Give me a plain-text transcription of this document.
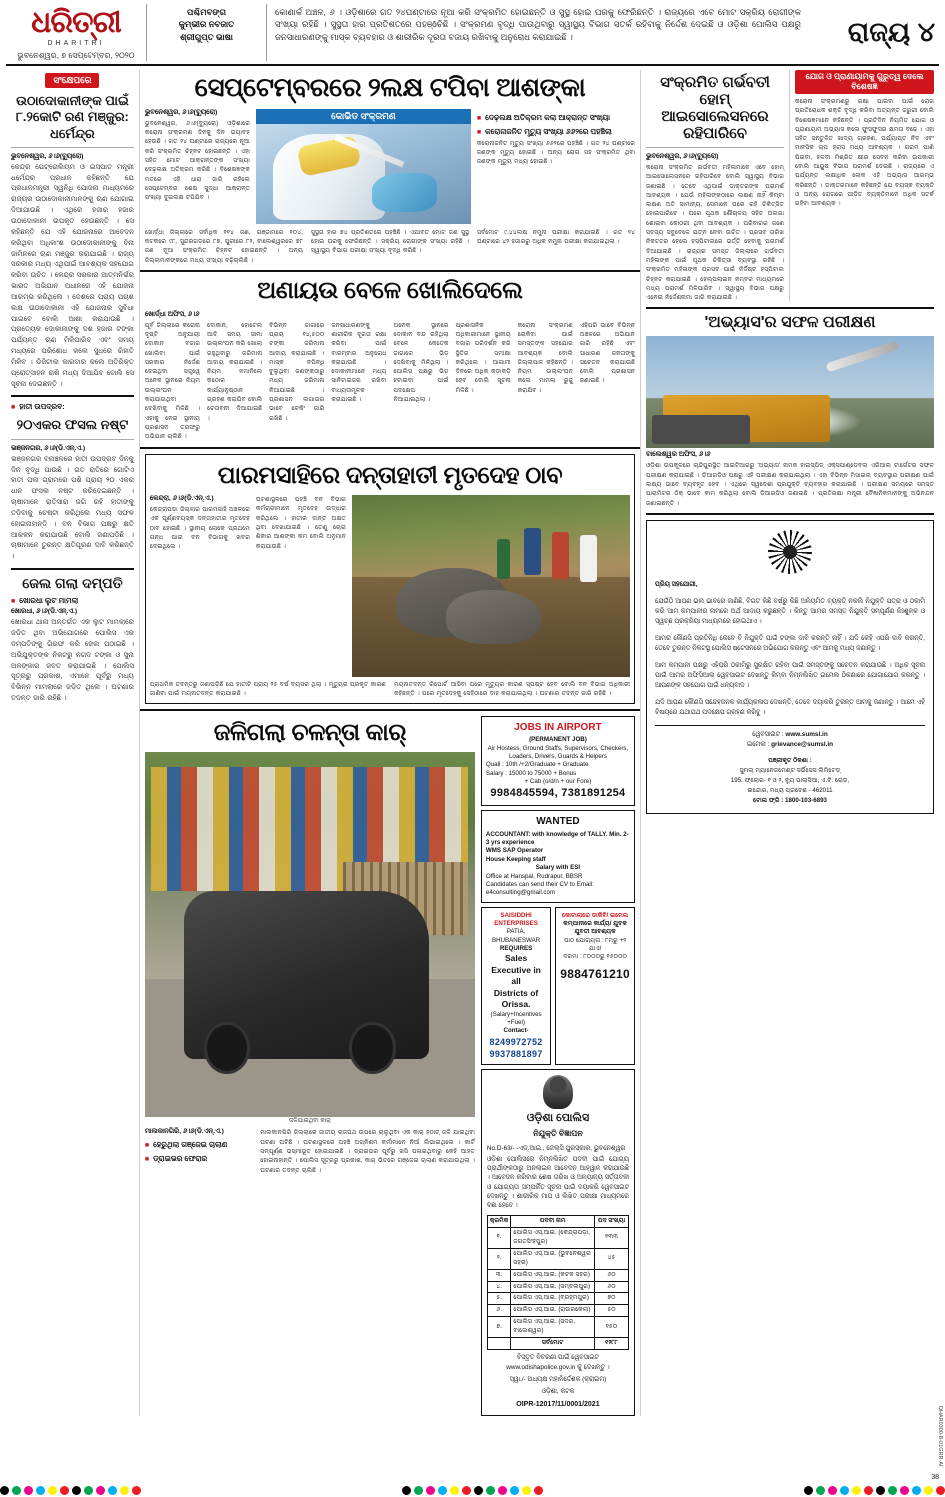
ଧରିତ୍ରୀ
DHARITRI
ଭୁବନେଶ୍ୱର, ୭ ସେପ୍ଟେମ୍ବର, ୨୦୨୦
ପଶ୍ଚିମବଙ୍ଗ
କୁମ୍ଭୀର ନବଜାତ
ଶ୍ରୀଗୁପ୍ତ ଭାଷା
କୋଣାର୍କ ଅଞ୍ଚଳ, ୬ । ଓଡ଼ିଶାରେ ଗତ ୨୪ଘଣ୍ଟାରେ ନୂଆ କରି ସଂକ୍ରମିତ ହୋଇଛନ୍ତି ଓ ସୁସ୍ଥ ହୋଇ ଘରକୁ ଫେରିଛନ୍ତି । ରାଜ୍ୟରେ ଏବେ ମୋଟ ସକ୍ରିୟ ରୋଗୀଙ୍କ ସଂଖ୍ୟା ରହିଛି । ସୁସ୍ଥତା ହାର ପ୍ରତିଶତରେ ପହଞ୍ôଚିଛି । ସଂକ୍ରମଣ ବୃଦ୍ଧି ପାଉଥିବାରୁ ସ୍ୱାସ୍ଥ୍ୟ ବିଭାଗ ସତର୍କ ରହିବାକୁ ନିର୍ଦ୍ଦେଶ ଦେଇଛି ଓ ଓଡ଼ିଶା ପୋଲିସ ପକ୍ଷରୁ ଜନସାଧାରଣଙ୍କୁ ମାସ୍କ ବ୍ୟବହାର ଓ ଶାରୀରିକ ଦୂରତା ବଜାୟ ରଖିବାକୁ ଅନୁରୋଧ କରାଯାଇଛି ।	ରାଜ୍ୟ ୪
ସଂକ୍ଷେପରେ
ଉଠାଦୋକାନୀଙ୍କ ପାଇଁ ୮.୨କୋଟି ରଣ ମଞ୍ଜୁର: ଧର୍ମେନ୍ଦ୍ର
ଭୁବନେଶ୍ୱର, ୬।୬(ବ୍ୟୁରୋ)
କେନ୍ଦ୍ର ପେଟ୍ରୋଲିୟମ ଓ ଇସ୍ପାତ ମନ୍ତ୍ରୀ ଧର୍ମେନ୍ଦ୍ର ପ୍ରଧାନ କହିଛନ୍ତି ଯେ ପ୍ରଧାନମନ୍ତ୍ରୀ ସ୍ୱନିଧି ଯୋଜନା ମାଧ୍ୟମରେ ରାଜ୍ୟର ଉଠାଦୋକାନୀମାନଙ୍କୁ ଋଣ ଯୋଗାଇ ଦିଆଯାଉଛି । ଏଥିରେ ହଜାର ହଜାର ଉଠାଦୋକାନୀ ଉପକୃତ ହେଉଛନ୍ତି । ସେ କହିଛନ୍ତି ଯେ ଏହି ଯୋଜନାରେ ଆବେଦନ କରିଥିବା ଅଧିକାଂଶ ଉଠାଦୋକାନୀଙ୍କୁ ବିନା ଜାମିନରେ ଋଣ ମଞ୍ଜୁର କରାଯାଇଛି । ରାଜ୍ୟ ସରକାର ମଧ୍ୟ ଏଥିପାଇଁ ଆବଶ୍ୟକ ସହଯୋଗ କରିବା ଉଚିତ । କେନ୍ଦ୍ର ସରକାର ଆତ୍ମନିର୍ଭର ଭାରତ ଅଭିଯାନ ଅଧୀନରେ ଏହି ଯୋଜନା ଆରମ୍ଭ କରିଥିଲେ । ଦେଶରେ ପ୍ରାୟ ପଚାଶ ଲକ୍ଷ ଉଠାଦୋକାନୀ ଏହି ଯୋଜନାର ସୁବିଧା ପାଇବେ ବୋଲି ଆଶା କରାଯାଉଛି । ପ୍ରତ୍ୟେକ ଦୋକାନୀଙ୍କୁ ଦଶ ହଜାର ଟଙ୍କା ପର୍ଯ୍ୟନ୍ତ ଋଣ ମିଳିପାରିବ ଏବଂ ସମୟ ମଧ୍ୟରେ ପରିଶୋଧ କଲେ ସୁଧରେ ରିହାତି ମିଳିବ । ଡିଜିଟାଲ କାରବାର କଲେ ଅତିରିକ୍ତ ପ୍ରୋତ୍ସାହନ ରାଶି ମଧ୍ୟ ଦିଆଯିବ ବୋଲି ସେ ସୂଚନା ଦେଇଛନ୍ତି ।
■ ହାତୀ ଉପଦ୍ରବ:
୨୦ଏକର ଫସଲ ନଷ୍ଟ
ଭଞ୍ଜନଗର, ୬।୬(ଡି.ଏନ୍.ଏ.)
ଭଞ୍ଜନଗର ବନାଞ୍ଚଳରେ ହାତୀ ଉପଦ୍ରବ ଦିନକୁ ଦିନ ବୃଦ୍ଧି ପାଉଛି । ଗତ ରାତିରେ ଗୋଟିଏ ହାତୀ ପଲ ଗ୍ରାମରେ ପଶି ପ୍ରାୟ ୨୦ ଏକର ଧାନ ଫସଲ ନଷ୍ଟ କରିଦେଇଛନ୍ତି । ଚାଷୀମାନେ ରାତିସାରା ଜଗି ରହି ହାତୀଙ୍କୁ ତଡ଼ିବାକୁ ଚେଷ୍ଟା କରିଥିଲେ ମଧ୍ୟ ସଫଳ ହୋଇନାହାନ୍ତି । ବନ ବିଭାଗ ପକ୍ଷରୁ କ୍ଷତି ଆକଳନ କରାଯାଉଛି ବୋଲି ଜଣାପଡ଼ିଛି । ଚାଷୀମାନେ ତୁରନ୍ତ କ୍ଷତିପୂରଣ ଦାବି କରିଛନ୍ତି ।
ଜେଲ ଗଲା ଦମ୍ପତି
■ ଖୋରଧା ଲୁଟ ମାମଲା
ଖୋରଧା, ୬।୬(ଡି.ଏନ୍.ଏ.)
ଖୋରଧା ଥାନା ଅନ୍ତର୍ଗତ ଏକ ଲୁଟ ମାମଲାରେ ଜଡ଼ିତ ଥିବା ଅଭିଯୋଗରେ ପୋଲିସ ଏକ ଦମ୍ପତିଙ୍କୁ ଗିରଫ କରି ଜେଲ ପଠାଇଛି । ଅଭିଯୁକ୍ତଙ୍କ ନିକଟରୁ ନଗଦ ଟଙ୍କା ଓ ସୁନା ଅଳଙ୍କାର ଜବତ କରାଯାଇଛି । ପୋଲିସ ସୂତ୍ରରୁ ପ୍ରକାଶ, ଏମାନେ ପୂର୍ବରୁ ମଧ୍ୟ ବିଭିନ୍ନ ମାମଲାରେ ଜଡ଼ିତ ଥିଲେ । ଘଟଣାର ତଦନ୍ତ ଜାରି ରହିଛି ।
ସେପ୍ଟେମ୍ବରରେ ୨ଲକ୍ଷ ଟପିବା ଆଶଙ୍କା
ଭୁବନେଶ୍ୱର, ୬।୬(ବ୍ୟୁରୋ)
ଭୁବନେଶ୍ୱର, ୬।୬(ବ୍ୟୁରୋ) ଓଡ଼ିଶାରେ କରୋନା ସଂକ୍ରମଣ ଦିନକୁ ଦିନ ଭୟାବହ ହେଉଛି । ଗତ ୨୪ ଘଣ୍ଟାରେ ରାଜ୍ୟରେ ନୂଆ କରି ସଂକ୍ରମିତ ଚିହ୍ନଟ ହୋଇଛନ୍ତି । ଏହା ସହିତ ମୋଟ ଆକ୍ରାନ୍ତଙ୍କ ସଂଖ୍ୟା ଦେଢ଼ଲକ୍ଷ ଅତିକ୍ରମ କରିଛି । ବିଶେଷଜ୍ଞଙ୍କ ମତରେ ଏହି ଧାରା ଜାରି ରହିଲେ ସେପ୍ଟେମ୍ବର ଶେଷ ସୁଦ୍ଧା ଆକ୍ରାନ୍ତ ସଂଖ୍ୟା ଦୁଇଲକ୍ଷ ଟପିଯିବ ।
କୋଭିଡ ସଂକ୍ରମଣ	■ ଦେଢ଼ଲକ୍ଷ ଅତିକ୍ରମ କଲା ଆକ୍ରାନ୍ତ ସଂଖ୍ୟା
■ କରୋନାଜନିତ ମୃତ୍ୟୁ ସଂଖ୍ୟା ୬୬୨ରେ ପହଞ୍ଚିଲା
କରୋନାଜନିତ ମୃତ୍ୟୁ ସଂଖ୍ୟା ୬୬୨ରେ ପହଞ୍ଚିଛି । ଗତ ୨୪ ଘଣ୍ଟାରେ ଜଣଙ୍କ ମୃତ୍ୟୁ ହୋଇଛି । ଅନ୍ୟ ରୋଗ ସହ ସଂକ୍ରମିତ ଥିବା ଜଣଙ୍କ ମୃତ୍ୟୁ ମଧ୍ୟ ହୋଇଛି ।
ଖୋର୍ଦ୍ଧା ଜିଲ୍ଲାରେ ସର୍ବାଧିକ ୧୧୪ ଜଣ, ଗଞ୍ଜାମରେ ୧୦୪, କଟକରେ ୯୮, ସୁନ୍ଦରଗଡ଼ରେ ୮୭, ପୁରୀରେ ୮୨, ବାଲେଶ୍ୱରରେ ୭୮ ଜଣ ନୂଆ ସଂକ୍ରମିତ ଚିହ୍ନଟ ହୋଇଛନ୍ତି । ଅନ୍ୟ ଜିଲ୍ଲାମାନଙ୍କରେ ମଧ୍ୟ ସଂଖ୍ୟା ବଢ଼ିଚାଲିଛି ।
ସୁସ୍ଥତା ହାର ୭୪ ପ୍ରତିଶତରେ ପହଞ୍ଚିଛି । ଏଯାବତ ମୋଟ ଜଣ ସୁସ୍ଥ ହୋଇ ଘରକୁ ଫେରିଛନ୍ତି । ସକ୍ରିୟ ରୋଗୀଙ୍କ ସଂଖ୍ୟା ରହିଛି । ସ୍ୱାସ୍ଥ୍ୟ ବିଭାଗ ପରୀକ୍ଷା ସଂଖ୍ୟା ବୃଦ୍ଧି କରିଛି ।
ସର୍ବମୋଟ ୯,୪୪ଲକ୍ଷ ନମୁନା ପରୀକ୍ଷା କରାଯାଇଛି । ଗତ ୨୪ ଘଣ୍ଟାରେ ୪୨ ହଜାରରୁ ଅଧିକ ନମୁନା ପରୀକ୍ଷା କରାଯାଇଥିଲା ।
ଅଣାୟଉ ବେଳେ ଖୋଲିଦେଲେ
ଖୋର୍ଦ୍ଧା ଅଫିସ, ୬।୬
ପୂର୍ବ ଜିଲ୍ଲାରେ କରୋନା ଦୃଷ୍ଟି ଅନୁଯାୟୀ ଦୋକାନ ବଜାର ଖୋଲିବା ପାଇଁ ସରକାର ନିର୍ଦ୍ଦେଶ ଦେଇଥିବା ସତ୍ତ୍ୱେ ଅନେକ ସ୍ଥାନରେ ନିୟମ ଉଲ୍ଲଂଘନ କରାଯାଉଥିବା ଦେଖିବାକୁ ମିଳିଛି । ଏହାକୁ ନେଇ ସ୍ଥାନୀୟ ପ୍ରଶାସନ ତରଫରୁ ଅଭିଯାନ ଚାଲିଛି ।
ଦୋକାନ, ହୋଟେଲ ଆଦି ସମୟ ସୀମା ଉଲ୍ଲଂଘନ କରି ଖୋଲା ରହୁଥିବାରୁ ଜରିମାନା ଆଦାୟ କରାଯାଇଛି । ନିୟମ ନମାନିଲେ କଠୋର କାର୍ଯ୍ୟାନୁଷ୍ଠାନ ଗ୍ରହଣ କରାଯିବ ବୋଲି ଚେତାବନୀ ଦିଆଯାଇଛି ।
ବିଭିନ୍ନ ଜାଗାରେ ପ୍ରାୟ ୧୪,୫୦୦ ଟଙ୍କା ଜରିମାନା ଆଦାୟ କରାଯାଇଛି । ମାସ୍କ ନପିନ୍ଧି ବୁଲୁଥିବା ଜଣଙ୍କଠାରୁ ମଧ୍ୟ ଜରିମାନା ନିଆଯାଇଛି । ପ୍ରଶାସନ ଲଗାତାର ଭାବେ ଚେକିଂ ଜାରି ରଖିଛି ।
ଜନସାଧାରଣଙ୍କୁ ଶାରୀରିକ ଦୂରତା ରକ୍ଷା କରିବା ପାଇଁ ବାରମ୍ବାର ଅନୁରୋଧ କରାଯାଉଛି । ଦୋକାନୀମାନେ ମଧ୍ୟ ସାନିଟାଇଜର ରଖିବା ବାଧ୍ୟତାମୂଳକ କରାଯାଇଛି ।
ଅନେକ ସ୍ଥାନରେ ଦୋକାନ ବନ୍ଦ ରହିଥିଲା ବେଳେ କେତେକ ଜାଗାରେ ଭିଡ଼ ଦେଖିବାକୁ ମିଳିଥିଲା । ପୋଲିସ ପକ୍ଷରୁ ଭିଡ଼ ହଟାଇବା ପାଇଁ ପଦକ୍ଷେପ ନିଆଯାଇଥିଲା ।
ପ୍ରଶାସନିକ ଅଧିକାରୀମାନେ ସ୍ଥାନୀୟ ବଜାର ପରିଦର୍ଶନ କରି ସ୍ଥିତିର ସମୀକ୍ଷା କରିଥିଲେ । ଆଗାମୀ ଦିନରେ ଅଧିକ କଡ଼ାକଡ଼ି ହେବ ବୋଲି ସୂଚନା ମିଳିଛି ।
କରୋନା ସଂକ୍ରମଣ ରୋକିବା ପାଇଁ ସମସ୍ତଙ୍କ ସହଯୋଗ ଆବଶ୍ୟକ ବୋଲି ଜିଲ୍ଲାପାଳ କହିଛନ୍ତି । ନିୟମ ଉଲ୍ଲଂଘନ କଲେ ମାମଲା ରୁଜୁ କରାଯିବ ।
ଏହିପରି ଭାବେ ବିଭିନ୍ନ ଅଞ୍ଚଳରେ ଅଭିଯାନ ଜାରି ରହିଛି ଏବଂ ସାଧାରଣ ଜନତାଙ୍କୁ ସଚେତନ କରାଯାଉଛି ବୋଲି ପ୍ରଶାସନ ଜଣାଇଛି ।
ପାରମସାହିରେ ଦନ୍ତାହାତୀ ମୃତଦେହ ଠାବ
କେନ୍ଦ୍ରା, ୬।୬(ଡି.ଏନ୍.ଏ.)
କେନ୍ଦ୍ରାପଡ଼ା ଜିଲ୍ଲାର ପାରମସାହି ଅଞ୍ଚଳରେ ଏକ ପୂର୍ଣ୍ଣବୟସ୍କ ଦନ୍ତାହାତୀର ମୃତଦେହ ଠାବ ହୋଇଛି । ସ୍ଥାନୀୟ ଲୋକେ ପ୍ରଥମେ ଗନ୍ଧ ପାଇ ବନ ବିଭାଗକୁ ଖବର ଦେଇଥିଲେ ।
ଘଟଣାସ୍ଥଳରେ ପହଞ୍ଚି ବନ ବିଭାଗ କର୍ମଚାରୀମାନେ ମୃତଦେହ ଉଦ୍ଧାର କରିଥିଲେ । ହାତୀର ଦାନ୍ତ ଅକ୍ଷତ ଥିବା ଦେଖାଯାଇଛି । ତେଣୁ ଚୋରା ଶିକାର ଆଶଙ୍କା କମ ବୋଲି ଅନୁମାନ କରାଯାଉଛି ।
ପ୍ରାଥମିକ ତଦନ୍ତରୁ ଜଣାପଡ଼ିଛି ଯେ ହାତୀଟି ପ୍ରାୟ ୨୫ ବର୍ଷ ବୟସର ଥିଲା । ମୃତ୍ୟୁର ପ୍ରକୃତ କାରଣ ଜାଣିବା ପାଇଁ ମୟନାତଦନ୍ତ କରାଯାଇଛି ।
ମୟନାତଦନ୍ତ ରିପୋର୍ଟ ଆସିବା ପରେ ମୃତ୍ୟୁର କାରଣ ସ୍ପଷ୍ଟ ହେବ ବୋଲି ବନ ବିଭାଗ ଅଧିକାରୀ କହିଛନ୍ତି । ପରେ ମୃତଦେହକୁ ସେହିଠାରେ ଦାହ କରାଯାଇଥିଲା । ଘଟଣାର ତଦନ୍ତ ଜାରି ରହିଛି ।
ଜଳିଗଲା ଚଳନ୍ତା କାର୍
ଜଳିଯାଇଥିବା କାର୍
ମାଲକାନଗିରି, ୬।୬(ଡି.ଏନ୍.ଏ.)
■ ହେରୁଥିଲା ଗଞ୍ଜେଇ ଚାଲାଣ
■ ଡ୍ରାଇଭର ଫେରାର
ମାଲକାନଗିରି ଜିଲ୍ଲାରେ ଜାତୀୟ ରାଜପଥ ଉପରେ ଚାଲୁଥିବା ଏକ କାର୍ ହଠାତ୍ ଜଳି ଯାଇଥିବା ଘଟଣା ଘଟିଛି । ଘଟଣାସ୍ଥଳରେ ପହଞ୍ଚି ଅଗ୍ନିଶମ କର୍ମୀମାନେ ନିଆଁ ଲିଭାଇଥିଲେ । କାର୍ଟି ସମ୍ପୂର୍ଣ୍ଣ ଭସ୍ମୀଭୂତ ହୋଇଯାଇଛି । ଡ୍ରାଇଭର ପୂର୍ବରୁ ଖସି ପଳାଇଥିବାରୁ କେହି ଆହତ ହୋଇନାହାନ୍ତି । ପୋଲିସ ସୂତ୍ରରୁ ପ୍ରକାଶ, କାର୍ ଭିତରେ ଗଞ୍ଜେଇ ଚାଲାଣ କରାଯାଉଥିଲା । ଘଟଣାର ତଦନ୍ତ ଚାଲିଛି ।
JOBS IN AIRPORT
(PERMANENT JOB)
Air Hostess, Ground Staffs, Supervisors, Checkers, Loaders, Drivers, Guards & Helpers
Quali : 10th /+2/Graduate + Graduate
Salary : 15000 to 75000 + Bonus
+ Cab (o/d/n + our Fore)
9984845594, 7381891254
WANTED
ACCOUNTANT: with knowledge of TALLY. Min. 2-3 yrs experience
WMS SAP Operator
House Keeping staff
Salary with ESI
Office at Hanspal, Rudrapur, BBSR
Candidates can send their CV to Email: e4consulting@gmail.com
SAISIDDHI ENTERPRISES
PATIA, BHUBANESWAR
REQUIRES
Sales Executive in all
Districts of Orissa.
(Salary+Incentives +Fuel)
Contact-
8249972752
9937881897
କୋଟାଲାରେ ଡାକିବି/ ଇମେଲ
କମ୍ପାନୀରେ କାର୍ଯ୍ୟ/ ଯୁବକ
ଯୁବତୀ ଆବଶ୍ୟକ
ପାଠ ଯୋଗ୍ୟତା : ୮ମରୁ +୨ ଯାଏ/
ଦରମା : ୮୦୦୦ରୁ ୧୫୦୦୦
9884761210
ଓଡ଼ିଶା ପୋଲିସ
ନିଯୁକ୍ତି ବିଜ୍ଞାପନ
No.D-63/- -ଏଡ୍‌.ଆଇ., ଜେଲ୍‌ସି ପୁରସ୍କାର, ଭୁବନେଶ୍ୱର
ଓଡ଼ିଶା ପୋଲିସରେ ନିମ୍ନଲିଖିତ ପଦବୀ ପାଇଁ ଯୋଗ୍ୟ ପ୍ରାର୍ଥୀଙ୍କଠାରୁ ଅନଲାଇନ ଆବେଦନ ଆହ୍ୱାନ କରାଯାଉଛି । ଆବେଦନ କରିବାର ଶେଷ ତାରିଖ ଓ ଅନ୍ୟାନ୍ୟ ସର୍ତ୍ତାବଳୀ ଓ ଯୋଗ୍ୟତା ସମ୍ପର୍କିତ ସୂଚନା ପାଇଁ ଦୟାକରି ୱେବସାଇଟ ଦେଖନ୍ତୁ । ଶାରୀରିକ ମାପ ଓ ଲିଖିତ ପରୀକ୍ଷା ମାଧ୍ୟମରେ ବଛା ହେବେ ।
କ୍ରମିକ	ପଦବୀ ନାମ	ପଦ ସଂଖ୍ୟା
୧.	ପୋଲିସ ଏସ୍.ଆଇ. (କେନ୍ଦ୍ରାପଡ଼ା, ଜଗତସିଂହପୁର)	୧୩୩
୨.	ପୋଲିସ ଏସ୍.ଆଇ. (ଭୁବନେଶ୍ୱର ସହର)	୪୫
୩.	ପୋଲିସ ଏସ୍.ଆଇ. (କଟକ ସହର)	୬୦
୪.	ପୋଲିସ ଏସ୍.ଆଇ. (ସମ୍ବଲପୁର)	୬୦
୫.	ପୋଲିସ ଏସ୍.ଆଇ. (ବ୍ରହ୍ମପୁର)	୭୦
୬.	ପୋଲିସ ଏସ୍.ଆଇ. (ରାଉରକେଲା)	୫୦
୭.	ପୋଲିସ ଏସ୍.ଆଇ. (ସଦର, ବାଲେଶ୍ୱର)	୧୫୦
	ସର୍ବମୋଟ	୧୨୮୮
ବିସ୍ତୃତ ବିବରଣୀ ପାଇଁ ୱେବସାଇଟ www.odishapolice.gov.in କୁ ଦେଖନ୍ତୁ ।
ସ୍ୱା./- ଅଧ୍ୟକ୍ଷ ମହାନିର୍ଦ୍ଦେଶକ (କ୍ରାଇମ)
ଓଡ଼ିଶା, କଟକ
OIPR-12017/11/0001/2021
ସଂକ୍ରମିତ ଗର୍ଭବତୀ ହୋମ୍ ଆଇସୋଲେସନରେ ରହିପାରିବେ
ଭୁବନେଶ୍ୱର, ୬।୬(ବ୍ୟୁରୋ)
କରୋନା ସଂକ୍ରମିତ ଗର୍ଭବତୀ ମହିଳାମାନେ ଏବେ ହୋମ୍ ଆଇସୋଲେସନରେ ରହିପାରିବେ ବୋଲି ସ୍ୱାସ୍ଥ୍ୟ ବିଭାଗ ଜଣାଇଛି । ତେବେ ଏଥିପାଇଁ ଡାକ୍ତରଙ୍କ ପରାମର୍ଶ ଆବଶ୍ୟକ । ଯେଉଁ ମହିଳାଙ୍କଠାରେ ଲକ୍ଷଣ ନାହିଁ କିମ୍ବା ଲକ୍ଷଣ ଅତି ସାମାନ୍ୟ, ସେମାନେ ଘରେ ରହି ଚିକିତ୍ସିତ ହୋଇପାରିବେ । ଘରେ ପୃଥକ ଶୌଚାଳୟ ସହିତ ଅଲଗା ଶୋଇବା କୋଠରୀ ଥିବା ଆବଶ୍ୟକ । ପରିବାରର ଜଣେ ସଦସ୍ୟ ସବୁବେଳେ ଯତ୍ନ ନେବା ଉଚିତ । ପ୍ରସବ ତାରିଖ ନିକଟତର ହେଲେ ହସ୍ପିଟାଲରେ ଭର୍ତ୍ତି ହେବାକୁ ପରାମର୍ଶ ଦିଆଯାଇଛି । ରାଜ୍ୟର ସମସ୍ତ ଜିଲ୍ଲାରେ ଗର୍ଭବତୀ ମହିଳାଙ୍କ ପାଇଁ ପୃଥକ ଚିକିତ୍ସା ବ୍ୟବସ୍ଥା ରହିଛି । ସଂକ୍ରମିତ ମହିଳାଙ୍କ ପ୍ରସବ ପାଇଁ ନିର୍ଦ୍ଦିଷ୍ଟ ହସ୍ପିଟାଲ ଚିହ୍ନଟ କରାଯାଇଛି । ହେଲ୍ପଲାଇନ ନମ୍ବର ମାଧ୍ୟମରେ ମଧ୍ୟ ପରାମର୍ଶ ମିଳିପାରିବ । ସ୍ୱାସ୍ଥ୍ୟ ବିଭାଗ ପକ୍ଷରୁ ଏନେଇ ନିର୍ଦ୍ଦେଶନାମା ଜାରି କରାଯାଇଛି ।
ଯୋଗ ଓ ପ୍ରାଣାୟାମକୁ ଗୁରୁତ୍ୱ ଦେଲେ ବିଶେଷଜ୍ଞ
କରୋନା ସଂକ୍ରମଣରୁ ରକ୍ଷା ପାଇବା ପାଇଁ ରୋଗ ପ୍ରତିରୋଧକ ଶକ୍ତି ବୃଦ୍ଧି କରିବା ଅତ୍ୟନ୍ତ ଜରୁରୀ ବୋଲି ବିଶେଷଜ୍ଞମାନେ କହିଛନ୍ତି । ପ୍ରତିଦିନ ନିୟମିତ ଯୋଗ ଓ ପ୍ରାଣାୟାମ ଅଭ୍ୟାସ କଲେ ଫୁସଫୁସର କ୍ଷମତା ବଢ଼େ । ଏହା ସହିତ ସନ୍ତୁଳିତ ଖାଦ୍ୟ ଗ୍ରହଣ, ପର୍ଯ୍ୟାପ୍ତ ନିଦ ଏବଂ ମାନସିକ ଚାପ ହ୍ରାସ ମଧ୍ୟ ଆବଶ୍ୟକ । ଗରମ ପାଣି ପିଇବା, ହଳଦୀ ମିଶ୍ରିତ କ୍ଷୀର ସେବନ କରିବା ଉପକାରୀ ବୋଲି ଆୟୁଷ ବିଭାଗ ପରାମର୍ଶ ଦେଇଛି । ରାଜ୍ୟରେ ଏ ପର୍ଯ୍ୟନ୍ତ ଲକ୍ଷାଧିକ ଲୋକ ଏହି ଅଭ୍ୟାସ ଆରମ୍ଭ କରିଛନ୍ତି । ଡାକ୍ତରମାନେ କହିଛନ୍ତି ଯେ ବୟସ୍କ ବ୍ୟକ୍ତି ଓ ଅନ୍ୟ ରୋଗରେ ପୀଡ଼ିତ ବ୍ୟକ୍ତିମାନେ ଅଧିକ ସତର୍କ ରହିବା ଆବଶ୍ୟକ ।
'ଅଭ୍ୟାସ'ର ସଫଳ ପରୀକ୍ଷଣ
ବାଲେଶ୍ୱର ଅଫିସ, ୬।୬
ଓଡ଼ିଶା ଉପକୂଳରେ ଚାନ୍ଦିପୁରସ୍ଥିତ ଆଇଟିଆରରୁ 'ଅଭ୍ୟାସ' ନାମକ ହାଇସ୍ପିଡ୍ ଏକ୍ସପାଣ୍ଡେବଲ ଏରିଆଲ ଟାର୍ଗେଟର ସଫଳ ପରୀକ୍ଷଣ କରାଯାଇଛି । ଡିଆରଡିଓ ପକ୍ଷରୁ ଏହି ପରୀକ୍ଷଣ କରାଯାଇଥିଲା । ଏହା ବିଭିନ୍ନ ମିସାଇଲ ବ୍ୟବସ୍ଥାର ପରୀକ୍ଷଣ ପାଇଁ ଲକ୍ଷ୍ୟ ଭାବେ ବ୍ୟବହୃତ ହେବ । ଏଥିରେ ସ୍ୱଦେଶୀ ପ୍ରଯୁକ୍ତି ବ୍ୟବହାର କରାଯାଇଛି । ପରୀକ୍ଷଣ ସମୟରେ ସମସ୍ତ ପାରାମିଟର ଠିକ୍ ଭାବେ କାମ କରିଥିଲା ବୋଲି ଡିଆରଡିଓ ଜଣାଇଛି । ପ୍ରତିରକ୍ଷା ମନ୍ତ୍ରୀ ବୈଜ୍ଞାନିକମାନଙ୍କୁ ଅଭିନନ୍ଦନ ଜଣାଇଛନ୍ତି ।
ପ୍ରିୟ ସହଯୋଗୀ,

ଯେଉଁଠି ଆପଣ ଭଲ ଭାବରେ ଜାଣିଛି, ବିଗତ କିଛି ବର୍ଷରୁ କିଛି ଅନିୟମିତ ବ୍ୟକ୍ତି ନକଲି ନିଯୁକ୍ତି ପତ୍ର ଓ ଠକାମି କରି ଆମ କମ୍ପାନୀର ନାମରେ ଅର୍ଥ ଆଦାୟ କରୁଛନ୍ତି । କିନ୍ତୁ ଆମର ସମସ୍ତ ନିଯୁକ୍ତି ସମ୍ପୂର୍ଣ୍ଣ ନିଃଶୁଳ୍କ ଓ ସ୍ୱଚ୍ଛ ପ୍ରକ୍ରିୟା ମାଧ୍ୟମରେ ହୋଇଥାଏ ।

ଆମର କୌଣସି ପ୍ରତିନିଧି କେବେ ବି ନିଯୁକ୍ତି ପାଇଁ ଟଙ୍କା ଦାବି କରନ୍ତି ନାହିଁ । ଯଦି କେହି ଏପରି ଦାବି କରନ୍ତି, ତେବେ ତୁରନ୍ତ ନିକଟସ୍ଥ ପୋଲିସ ଷ୍ଟେସନରେ ଅଭିଯୋଗ କରନ୍ତୁ ଏବଂ ଆମକୁ ମଧ୍ୟ ଜଣାନ୍ତୁ ।

ଆମ କମ୍ପାନୀ ପକ୍ଷରୁ ଏହିପରି ଠକାମିରୁ ସୁରକ୍ଷିତ ରହିବା ପାଇଁ ସମସ୍ତଙ୍କୁ ସଚେତନ କରାଯାଉଛି । ଅଧିକ ସୂଚନା ପାଇଁ ଆମର ଅଫିସିଆଲ ୱେବସାଇଟ ଦେଖନ୍ତୁ କିମ୍ବା ନିମ୍ନଲିଖିତ ଇମେଲ ଠିକଣାରେ ଯୋଗାଯୋଗ କରନ୍ତୁ । ଆପଣଙ୍କ ସହଯୋଗ ପାଇଁ ଧନ୍ୟବାଦ ।

ଯଦି ଆପଣ କୌଣସି ସନ୍ଦେହଜନକ କାର୍ଯ୍ୟକଳାପ ଦେଖନ୍ତି, ତେବେ ଦୟାକରି ତୁରନ୍ତ ଆମକୁ ଜଣାନ୍ତୁ । ଆମେ ଏହି ବିଷୟରେ ଯଥାଯଥ ପଦକ୍ଷେପ ଗ୍ରହଣ କରିବୁ ।

ୱେବସାଇଟ : www.sumsl.in
ଇମେଲ : grievance@sumsl.in
ପଞ୍ଜୀକୃତ ଠିକଣା :
ସୁମଲ୍ ମ୍ୟାନେଜମେଣ୍ଟ ସର୍ଭିସେସ ଲିମିଟେଡ୍
195. ଫ୍ଲୋର- ୧ ଓ ୨, ନ୍ୟୁ ପାଲାସିଆ, ଏ.ବି. ରୋଡ,
ଇନ୍ଦୋର, ମଧ୍ୟ ପ୍ରଦେଶ - 462011
ଟୋଲ ଫ୍ରି : 1800-103-6893
DHAR0300-B-01GRR-AI
38
